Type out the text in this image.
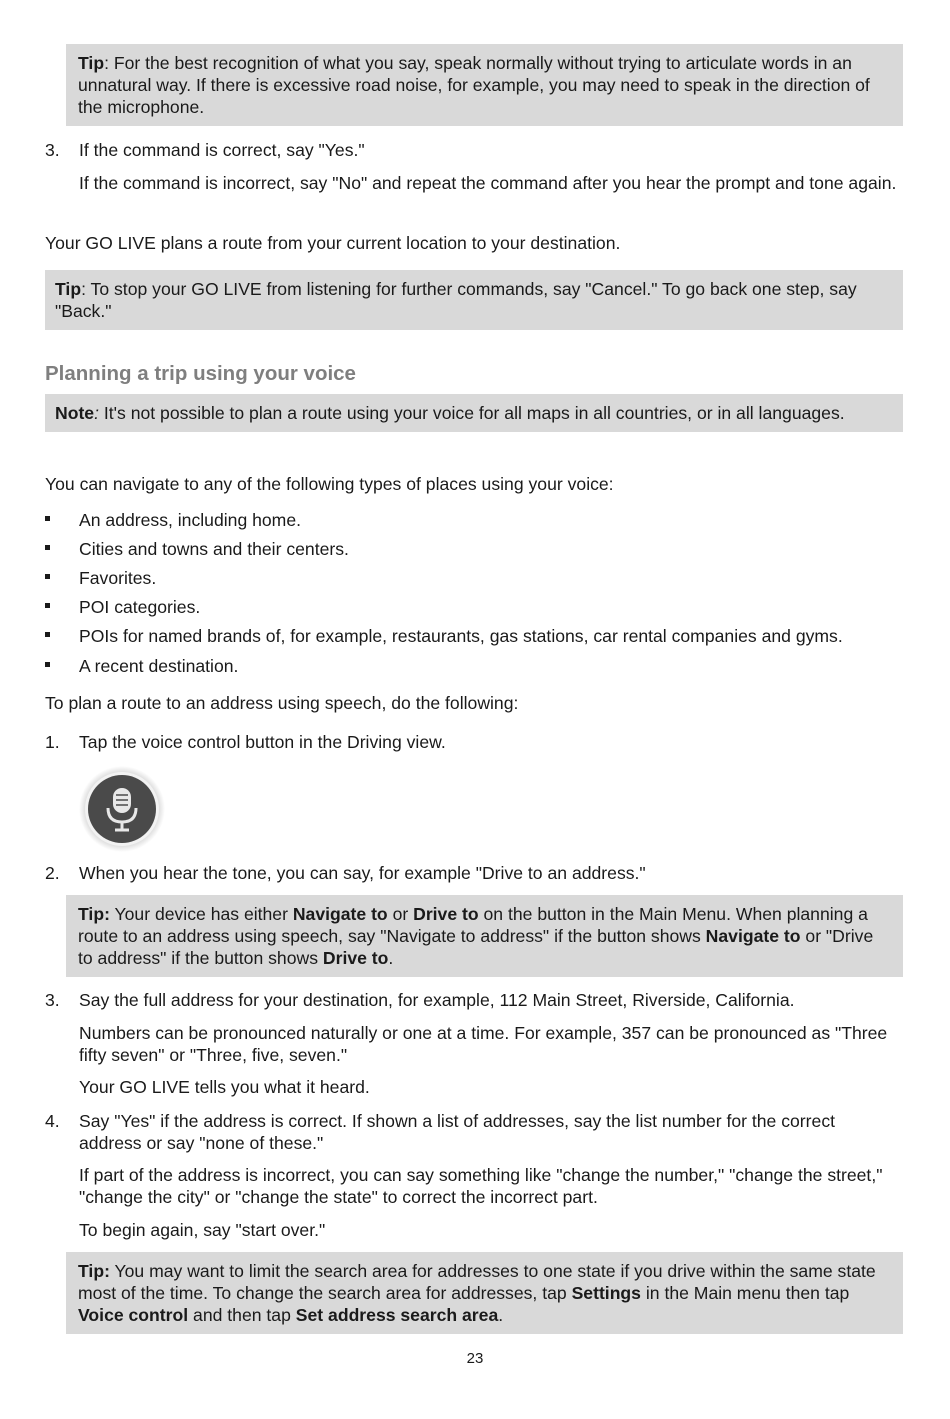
Tip: For the best recognition of what you say, speak normally without trying to articulate words in an unnatural way. If there is excessive road noise, for example, you may need to speak in the direction of the microphone.
3. If the command is correct, say "Yes."
If the command is incorrect, say "No" and repeat the command after you hear the prompt and tone again.
Your GO LIVE plans a route from your current location to your destination.
Tip: To stop your GO LIVE from listening for further commands, say "Cancel." To go back one step, say "Back."
Planning a trip using your voice
Note: It's not possible to plan a route using your voice for all maps in all countries, or in all languages.
You can navigate to any of the following types of places using your voice:
An address, including home.
Cities and towns and their centers.
Favorites.
POI categories.
POIs for named brands of, for example, restaurants, gas stations, car rental companies and gyms.
A recent destination.
To plan a route to an address using speech, do the following:
1. Tap the voice control button in the Driving view.
2. When you hear the tone, you can say, for example "Drive to an address."
Tip: Your device has either Navigate to or Drive to on the button in the Main Menu. When planning a route to an address using speech, say "Navigate to address" if the button shows Navigate to or "Drive to address" if the button shows Drive to.
3. Say the full address for your destination, for example, 112 Main Street, Riverside, California.
Numbers can be pronounced naturally or one at a time. For example, 357 can be pronounced as "Three fifty seven" or "Three, five, seven."
Your GO LIVE tells you what it heard.
4. Say "Yes" if the address is correct. If shown a list of addresses, say the list number for the correct address or say "none of these."
If part of the address is incorrect, you can say something like "change the number," "change the street," "change the city" or "change the state" to correct the incorrect part.
To begin again, say "start over."
Tip: You may want to limit the search area for addresses to one state if you drive within the same state most of the time. To change the search area for addresses, tap Settings in the Main menu then tap Voice control and then tap Set address search area.
23
